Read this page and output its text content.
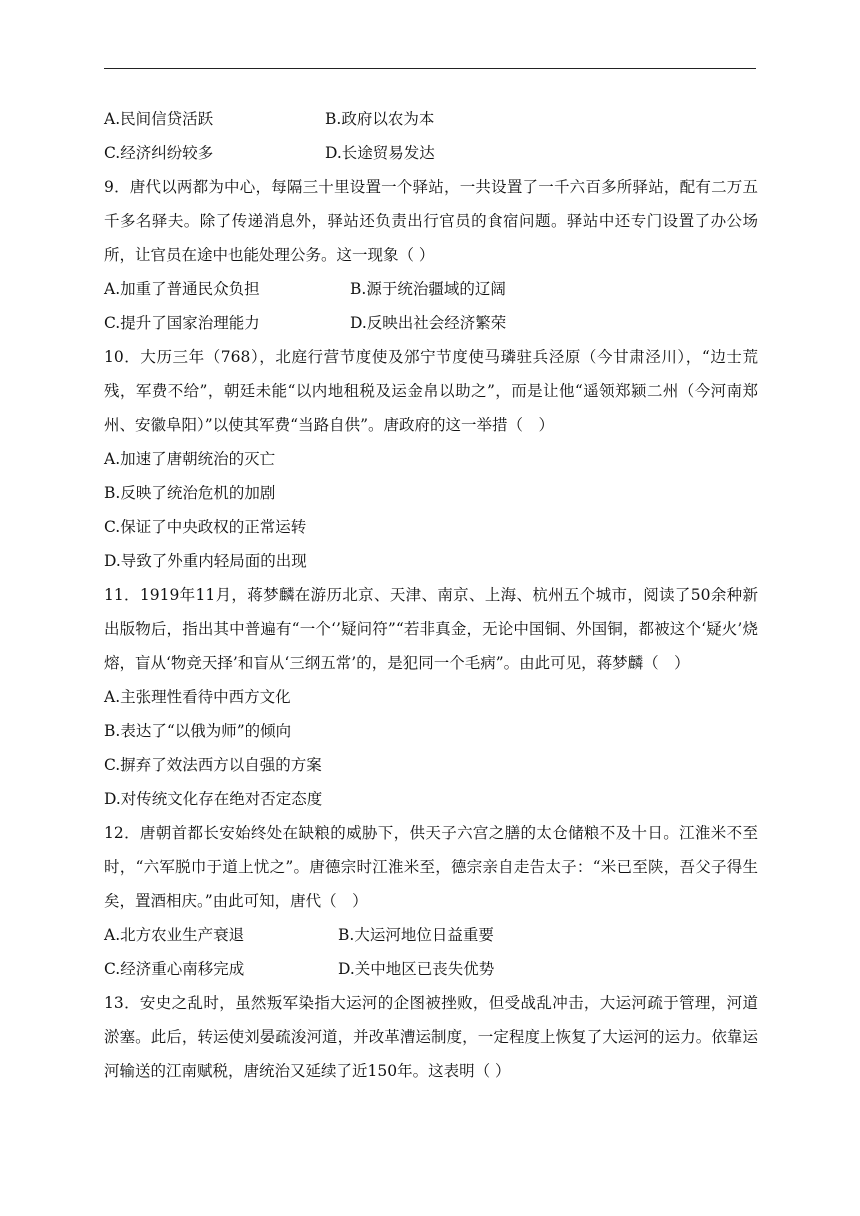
A.民间信贷活跃	B.政府以农为本
C.经济纠纷较多	D.长途贸易发达
9．唐代以两都为中心，每隔三十里设置一个驿站，一共设置了一千六百多所驿站，配有二万五千多名驿夫。除了传递消息外，驿站还负责出行官员的食宿问题。驿站中还专门设置了办公场所，让官员在途中也能处理公务。这一现象（ ）
A.加重了普通民众负担	B.源于统治疆域的辽阔
C.提升了国家治理能力	D.反映出社会经济繁荣
10．大历三年（768），北庭行营节度使及邠宁节度使马璘驻兵泾原（今甘肃泾川），“边士荒残，军费不给”，朝廷未能“以内地租税及运金帛以助之”，而是让他“遥领郑颍二州（今河南郑州、安徽阜阳）”以使其军费“当路自供”。唐政府的这一举措（　）
A.加速了唐朝统治的灭亡
B.反映了统治危机的加剧
C.保证了中央政权的正常运转
D.导致了外重内轻局面的出现
11．1919年11月，蒋梦麟在游历北京、天津、南京、上海、杭州五个城市，阅读了50余种新出版物后，指出其中普遍有“一个‘’疑问符”“若非真金，无论中国铜、外国铜，都被这个‘疑火’烧熔，盲从‘物竞天择’和盲从‘三纲五常’的，是犯同一个毛病”。由此可见，蒋梦麟（　）
A.主张理性看待中西方文化
B.表达了“以俄为师”的倾向
C.摒弃了效法西方以自强的方案
D.对传统文化存在绝对否定态度
12．唐朝首都长安始终处在缺粮的威胁下，供天子六宫之膳的太仓储粮不及十日。江淮米不至时，“六军脱巾于道上忧之”。唐德宗时江淮米至，德宗亲自走告太子：“米已至陕，吾父子得生矣，置酒相庆。”由此可知，唐代（　）
A.北方农业生产衰退	B.大运河地位日益重要
C.经济重心南移完成	D.关中地区已丧失优势
13．安史之乱时，虽然叛军染指大运河的企图被挫败，但受战乱冲击，大运河疏于管理，河道淤塞。此后，转运使刘晏疏浚河道，并改革漕运制度，一定程度上恢复了大运河的运力。依靠运河输送的江南赋税，唐统治又延续了近150年。这表明（ ）
